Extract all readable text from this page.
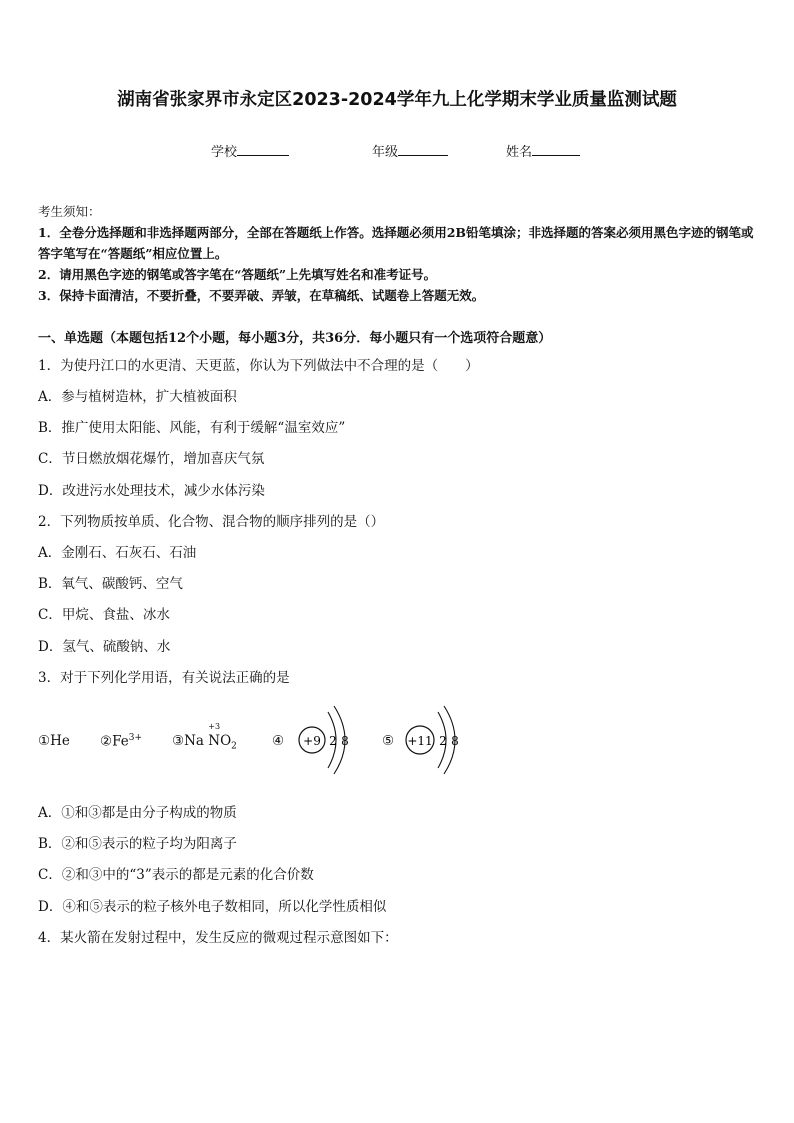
湖南省张家界市永定区2023-2024学年九上化学期末学业质量监测试题
学校	年级	姓名
考生须知：
1．全卷分选择题和非选择题两部分，全部在答题纸上作答。选择题必须用2B铅笔填涂；非选择题的答案必须用黑色字迹的钢笔或答字笔写在“答题纸”相应位置上。
2．请用黑色字迹的钢笔或答字笔在“答题纸”上先填写姓名和准考证号。
3．保持卡面清洁，不要折叠，不要弄破、弄皱，在草稿纸、试题卷上答题无效。
一、单选题（本题包括12个小题，每小题3分，共36分．每小题只有一个选项符合题意）
1．为使丹江口的水更清、天更蓝，你认为下列做法中不合理的是（　　）
A．参与植树造林，扩大植被面积
B．推广使用太阳能、风能，有利于缓解“温室效应”
C．节日燃放烟花爆竹，增加喜庆气氛
D．改进污水处理技术，减少水体污染
2．下列物质按单质、化合物、混合物的顺序排列的是（）
A．金刚石、石灰石、石油
B．氧气、碳酸钙、空气
C．甲烷、食盐、冰水
D．氢气、硫酸钠、水
3．对于下列化学用语，有关说法正确的是
①He $②Fe^{3+}$ ③Na
+3
$NO_2$	④ +9 2 8 ⑤ +11 2 8
A．①和③都是由分子构成的物质
B．②和⑤表示的粒子均为阳离子
C．②和③中的“3”表示的都是元素的化合价数
D．④和⑤表示的粒子核外电子数相同，所以化学性质相似
4．某火箭在发射过程中，发生反应的微观过程示意图如下：
